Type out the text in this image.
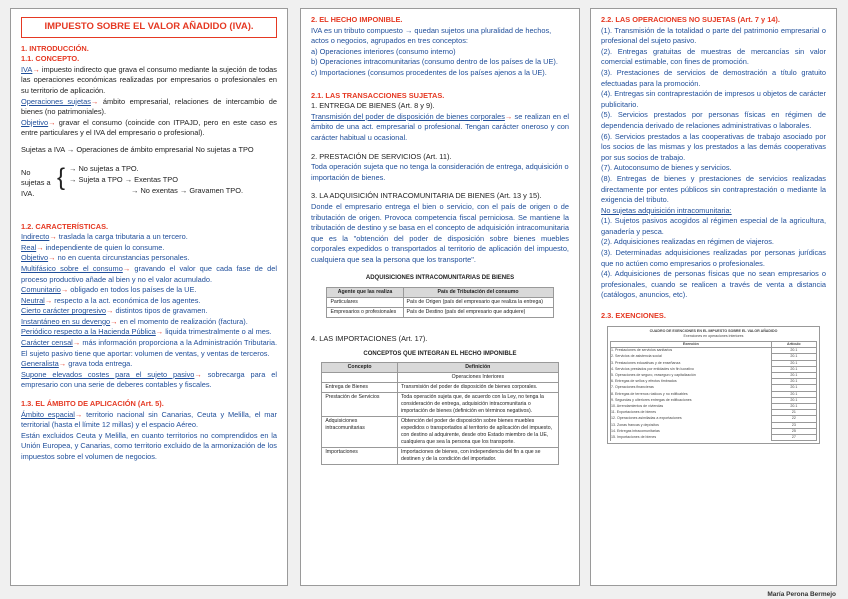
IMPUESTO SOBRE EL VALOR AÑADIDO (IVA).

1. INTRODUCCIÓN.

1.1. CONCEPTO.

IVA→ impuesto indirecto que grava el consumo mediante la sujeción de todas las operaciones económicas realizadas por empresarios o profesionales en su territorio de aplicación.

Operaciones sujetas→ ámbito empresarial, relaciones de intercambio de bienes (no patrimoniales).

Objetivo→ gravar el consumo (coincide con ITPAJD, pero en este caso es entre particulares y el IVA del empresario o profesional).

Sujetas a IVA → Operaciones de ámbito empresarial No sujetas a TPO

No sujetas a IVA.
{ → No sujetas a TPO.
→ Sujeta a TPO → Exentas TPO
→ No exentas → Gravamen TPO.

1.2. CARACTERÍSTICAS.

Indirecto→ traslada la carga tributaria a un tercero.

Real→ independiente de quien lo consume.

Objetivo→ no en cuenta circunstancias personales.

Multifásico sobre el consumo→ gravando el valor que cada fase de del proceso productivo añade al bien y no el valor acumulado.

Comunitario→ obligado en todos los países de la UE.

Neutral→ respecto a la act. económica de los agentes.

Cierto carácter progresivo→ distintos tipos de gravamen.

Instantáneo en su devengo→ en el momento de realización (factura).

Periódico respecto a la Hacienda Pública→ liquida trimestralmente o al mes.

Carácter censal→ más información proporciona a la Administración Tributaria. El sujeto pasivo tiene que aportar: volumen de ventas, y ventas de terceros.

Generalista→ grava toda entrega.

Supone elevados costes para el sujeto pasivo→ sobrecarga para el empresario con una serie de deberes contables y fiscales.

1.3. EL ÁMBITO DE APLICACIÓN (Art. 5).

Ámbito espacial→ territorio nacional sin Canarias, Ceuta y Melilla, el mar territorial (hasta el límite 12 millas) y el espacio Aéreo.

Están excluidos Ceuta y Melilla, en cuanto territorios no comprendidos en la Unión Europea, y Canarias, como territorio excluido de la armonización de los impuestos sobre el volumen de negocios.

2. EL HECHO IMPONIBLE.

IVA es un tributo compuesto → quedan sujetos una pluralidad de hechos, actos o negocios, agrupados en tres conceptos:

a) Operaciones interiores (consumo interno)

b) Operaciones intracomunitarias (consumo dentro de los países de la UE).

c) Importaciones (consumos procedentes de los países ajenos a la UE).

2.1. LAS TRANSACCIONES SUJETAS.

1. ENTREGA DE BIENES (Art. 8 y 9).

Transmisión del poder de disposición de bienes corporales→ se realizan en el ámbito de una act. empresarial o profesional. Tengan carácter oneroso y con carácter habitual u ocasional.

2. PRESTACIÓN DE SERVICIOS (Art. 11).

Toda operación sujeta que no tenga la consideración de entrega, adquisición o importación de bienes.

3. LA ADQUISICIÓN INTRACOMUNITARIA DE BIENES (Art. 13 y 15).

Donde el empresario entrega el bien o servicio, con el país de origen o de tributación de origen. Provoca competencia fiscal perniciosa. Se mantiene la tributación de destino y se basa en el concepto de adquisición intracomunitaria que es la "obtención del poder de disposición sobre bienes muebles corporales expedidos o transportados al territorio de aplicación del impuesto, cualquiera que sea la persona que los transporte".

ADQUISICIONES INTRACOMUNITARIAS DE BIENES
Agente que las realiza	País de Tributación del consumo
Particulares	País de Origen (país del empresario que realiza la entrega)
Empresarios o profesionales	País de Destino (país del empresario que adquiere)

4. LAS IMPORTACIONES (Art. 17).

CONCEPTOS QUE INTEGRAN EL HECHO IMPONIBLE
Concepto	Definición
	Operaciones Interiores
Entrega de Bienes	Transmisión del poder de disposición de bienes corporales.
Prestación de Servicios	Toda operación sujeta que, de acuerdo con la Ley, no tenga la consideración de entrega, adquisición intracomunitaria o importación de bienes (definición en términos negativos).
Adquisiciones intracomunitarias	Obtención del poder de disposición sobre bienes muebles expedidos o transportados al territorio de aplicación del impuesto, con destino al adquirente, desde otro Estado miembro de la UE, cualquiera que sea la persona que los transporte.
Importaciones	Importaciones de bienes, con independencia del fin a que se destinen y de la condición del importador.

2.2. LAS OPERACIONES NO SUJETAS (Art. 7 y 14).

(1). Transmisión de la totalidad o parte del patrimonio empresarial o profesional del sujeto pasivo.

(2). Entregas gratuitas de muestras de mercancías sin valor comercial estimable, con fines de promoción.

(3). Prestaciones de servicios de demostración a título gratuito efectuadas para la promoción.

(4). Entregas sin contraprestación de impresos u objetos de carácter publicitario.

(5). Servicios prestados por personas físicas en régimen de dependencia derivado de relaciones administrativas o laborales.

(6). Servicios prestados a las cooperativas de trabajo asociado por los socios de las mismas y los prestados a las demás cooperativas por sus socios de trabajo.

(7). Autoconsumo de bienes y servicios.

(8). Entregas de bienes y prestaciones de servicios realizadas directamente por entes públicos sin contraprestación o mediante la exigencia del tributo.

No sujetas adquisición intracomunitaria:

(1). Sujetos pasivos acogidos al régimen especial de la agricultura, ganadería y pesca.

(2). Adquisiciones realizadas en régimen de viajeros.

(3). Determinadas adquisiciones realizadas por personas jurídicas que no actúen como empresarios o profesionales.

(4). Adquisiciones de personas físicas que no sean empresarios o profesionales, cuando se realicen a través de venta a distancia (catálogos, anuncios, etc).

2.3. EXENCIONES.

CUADRO DE EXENCIONES EN EL IMPUESTO SOBRE EL VALOR AÑADIDO
Exenciones en operaciones interiores
Exención	Artículo
1. Prestaciones de servicios sanitarios	20.1
2. Servicios de asistencia social	20.1
3. Prestaciones educativas y de enseñanza	20.1
4. Servicios prestados por entidades sin fin lucrativo	20.1
5. Operaciones de seguro, reaseguro y capitalización	20.1
6. Entregas de sellos y efectos timbrados	20.1
7. Operaciones financieras	20.1
8. Entregas de terrenos rústicos y no edificables	20.1
9. Segundas y ulteriores entregas de edificaciones	20.1
10. Arrendamientos de viviendas	20.1
11. Exportaciones de bienes	21
12. Operaciones asimiladas a exportaciones	22
13. Zonas francas y depósitos	23
14. Entregas intracomunitarias	25
15. Importaciones de bienes	27
María Perona Bermejo
